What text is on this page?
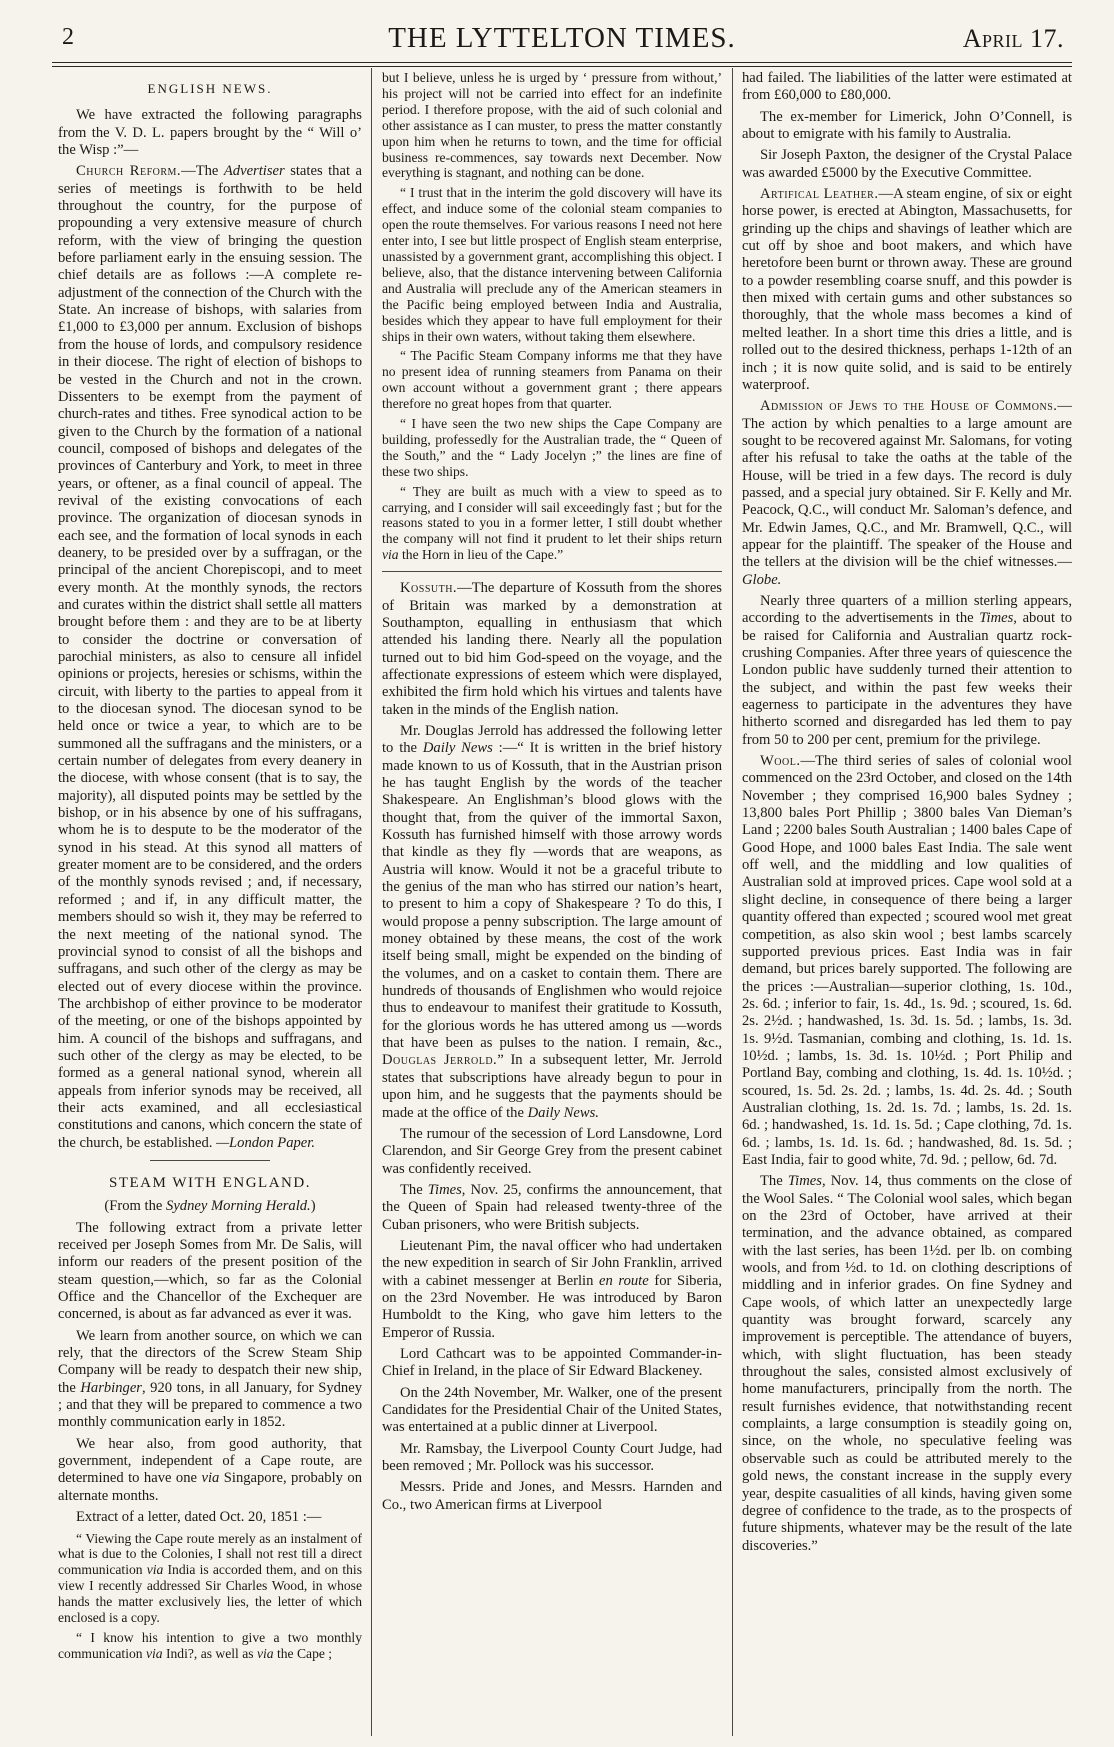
2	THE LYTTELTON TIMES.	April 17.
ENGLISH NEWS.

We have extracted the following paragraphs from the V. D. L. papers brought by the “ Will o’ the Wisp :”—

Church Reform.—The Advertiser states that a series of meetings is forthwith to be held throughout the country, for the purpose of propounding a very extensive measure of church reform, with the view of bringing the question before parliament early in the ensuing session. The chief details are as follows :—A complete re-adjustment of the connection of the Church with the State. An increase of bishops, with salaries from £1,000 to £3,000 per annum. Exclusion of bishops from the house of lords, and compulsory residence in their diocese. The right of election of bishops to be vested in the Church and not in the crown. Dissenters to be exempt from the payment of church-rates and tithes. Free synodical action to be given to the Church by the formation of a national council, composed of bishops and delegates of the provinces of Canterbury and York, to meet in three years, or oftener, as a final council of appeal. The revival of the existing convocations of each province. The organization of diocesan synods in each see, and the formation of local synods in each deanery, to be presided over by a suffragan, or the principal of the ancient Chorepiscopi, and to meet every month. At the monthly synods, the rectors and curates within the district shall settle all matters brought before them : and they are to be at liberty to consider the doctrine or conversation of parochial ministers, as also to censure all infidel opinions or projects, heresies or schisms, within the circuit, with liberty to the parties to appeal from it to the diocesan synod. The diocesan synod to be held once or twice a year, to which are to be summoned all the suffragans and the ministers, or a certain number of delegates from every deanery in the diocese, with whose consent (that is to say, the majority), all disputed points may be settled by the bishop, or in his absence by one of his suffragans, whom he is to despute to be the moderator of the synod in his stead. At this synod all matters of greater moment are to be considered, and the orders of the monthly synods revised ; and, if necessary, reformed ; and if, in any difficult matter, the members should so wish it, they may be referred to the next meeting of the national synod. The provincial synod to consist of all the bishops and suffragans, and such other of the clergy as may be elected out of every diocese within the province. The archbishop of either province to be moderator of the meeting, or one of the bishops appointed by him. A council of the bishops and suffragans, and such other of the clergy as may be elected, to be formed as a general national synod, wherein all appeals from inferior synods may be received, all their acts examined, and all ecclesiastical constitutions and canons, which concern the state of the church, be established. —London Paper.

STEAM WITH ENGLAND.

(From the Sydney Morning Herald.)

The following extract from a private letter received per Joseph Somes from Mr. De Salis, will inform our readers of the present position of the steam question,—which, so far as the Colonial Office and the Chancellor of the Exchequer are concerned, is about as far advanced as ever it was.

We learn from another source, on which we can rely, that the directors of the Screw Steam Ship Company will be ready to despatch their new ship, the Harbinger, 920 tons, in all January, for Sydney ; and that they will be prepared to commence a two monthly communication early in 1852.

We hear also, from good authority, that government, independent of a Cape route, are determined to have one via Singapore, probably on alternate months.

Extract of a letter, dated Oct. 20, 1851 :—

“ Viewing the Cape route merely as an instalment of what is due to the Colonies, I shall not rest till a direct communication via India is accorded them, and on this view I recently addressed Sir Charles Wood, in whose hands the matter exclusively lies, the letter of which enclosed is a copy.

“ I know his intention to give a two monthly communication via Indi?, as well as via the Cape ;

but I believe, unless he is urged by ‘ pressure from without,’ his project will not be carried into effect for an indefinite period. I therefore propose, with the aid of such colonial and other assistance as I can muster, to press the matter constantly upon him when he returns to town, and the time for official business re-commences, say towards next December. Now everything is stagnant, and nothing can be done.

“ I trust that in the interim the gold discovery will have its effect, and induce some of the colonial steam companies to open the route themselves. For various reasons I need not here enter into, I see but little prospect of English steam enterprise, unassisted by a government grant, accomplishing this object. I believe, also, that the distance intervening between California and Australia will preclude any of the American steamers in the Pacific being employed between India and Australia, besides which they appear to have full employment for their ships in their own waters, without taking them elsewhere.

“ The Pacific Steam Company informs me that they have no present idea of running steamers from Panama on their own account without a government grant ; there appears therefore no great hopes from that quarter.

“ I have seen the two new ships the Cape Company are building, professedly for the Australian trade, the “ Queen of the South,” and the “ Lady Jocelyn ;” the lines are fine of these two ships.

“ They are built as much with a view to speed as to carrying, and I consider will sail exceedingly fast ; but for the reasons stated to you in a former letter, I still doubt whether the company will not find it prudent to let their ships return via the Horn in lieu of the Cape.”

Kossuth.—The departure of Kossuth from the shores of Britain was marked by a demonstration at Southampton, equalling in enthusiasm that which attended his landing there. Nearly all the population turned out to bid him God-speed on the voyage, and the affectionate expressions of esteem which were displayed, exhibited the firm hold which his virtues and talents have taken in the minds of the English nation.

Mr. Douglas Jerrold has addressed the following letter to the Daily News :—“ It is written in the brief history made known to us of Kossuth, that in the Austrian prison he has taught English by the words of the teacher Shakespeare. An Englishman’s blood glows with the thought that, from the quiver of the immortal Saxon, Kossuth has furnished himself with those arrowy words that kindle as they fly —words that are weapons, as Austria will know. Would it not be a graceful tribute to the genius of the man who has stirred our nation’s heart, to present to him a copy of Shakespeare ? To do this, I would propose a penny subscription. The large amount of money obtained by these means, the cost of the work itself being small, might be expended on the binding of the volumes, and on a casket to contain them. There are hundreds of thousands of Englishmen who would rejoice thus to endeavour to manifest their gratitude to Kossuth, for the glorious words he has uttered among us —words that have been as pulses to the nation. I remain, &c., Douglas Jerrold.” In a subsequent letter, Mr. Jerrold states that subscriptions have already begun to pour in upon him, and he suggests that the payments should be made at the office of the Daily News.

The rumour of the secession of Lord Lansdowne, Lord Clarendon, and Sir George Grey from the present cabinet was confidently received.

The Times, Nov. 25, confirms the announcement, that the Queen of Spain had released twenty-three of the Cuban prisoners, who were British subjects.

Lieutenant Pim, the naval officer who had undertaken the new expedition in search of Sir John Franklin, arrived with a cabinet messenger at Berlin en route for Siberia, on the 23rd November. He was introduced by Baron Humboldt to the King, who gave him letters to the Emperor of Russia.

Lord Cathcart was to be appointed Commander-in-Chief in Ireland, in the place of Sir Edward Blackeney.

On the 24th November, Mr. Walker, one of the present Candidates for the Presidential Chair of the United States, was entertained at a public dinner at Liverpool.

Mr. Ramsbay, the Liverpool County Court Judge, had been removed ; Mr. Pollock was his successor.

Messrs. Pride and Jones, and Messrs. Harnden and Co., two American firms at Liverpool

had failed. The liabilities of the latter were estimated at from £60,000 to £80,000.

The ex-member for Limerick, John O’Connell, is about to emigrate with his family to Australia.

Sir Joseph Paxton, the designer of the Crystal Palace was awarded £5000 by the Executive Committee.

Artifical Leather.—A steam engine, of six or eight horse power, is erected at Abington, Massachusetts, for grinding up the chips and shavings of leather which are cut off by shoe and boot makers, and which have heretofore been burnt or thrown away. These are ground to a powder resembling coarse snuff, and this powder is then mixed with certain gums and other substances so thoroughly, that the whole mass becomes a kind of melted leather. In a short time this dries a little, and is rolled out to the desired thickness, perhaps 1-12th of an inch ; it is now quite solid, and is said to be entirely waterproof.

Admission of Jews to the House of Commons.—The action by which penalties to a large amount are sought to be recovered against Mr. Salomans, for voting after his refusal to take the oaths at the table of the House, will be tried in a few days. The record is duly passed, and a special jury obtained. Sir F. Kelly and Mr. Peacock, Q.C., will conduct Mr. Saloman’s defence, and Mr. Edwin James, Q.C., and Mr. Bramwell, Q.C., will appear for the plaintiff. The speaker of the House and the tellers at the division will be the chief witnesses.—Globe.

Nearly three quarters of a million sterling appears, according to the advertisements in the Times, about to be raised for California and Australian quartz rock-crushing Companies. After three years of quiescence the London public have suddenly turned their attention to the subject, and within the past few weeks their eagerness to participate in the adventures they have hitherto scorned and disregarded has led them to pay from 50 to 200 per cent, premium for the privilege.

Wool.—The third series of sales of colonial wool commenced on the 23rd October, and closed on the 14th November ; they comprised 16,900 bales Sydney ; 13,800 bales Port Phillip ; 3800 bales Van Dieman’s Land ; 2200 bales South Australian ; 1400 bales Cape of Good Hope, and 1000 bales East India. The sale went off well, and the middling and low qualities of Australian sold at improved prices. Cape wool sold at a slight decline, in consequence of there being a larger quantity offered than expected ; scoured wool met great competition, as also skin wool ; best lambs scarcely supported previous prices. East India was in fair demand, but prices barely supported. The following are the prices :—Australian—superior clothing, 1s. 10d., 2s. 6d. ; inferior to fair, 1s. 4d., 1s. 9d. ; scoured, 1s. 6d. 2s. 2½d. ; handwashed, 1s. 3d. 1s. 5d. ; lambs, 1s. 3d. 1s. 9½d. Tasmanian, combing and clothing, 1s. 1d. 1s. 10½d. ; lambs, 1s. 3d. 1s. 10½d. ; Port Philip and Portland Bay, combing and clothing, 1s. 4d. 1s. 10½d. ; scoured, 1s. 5d. 2s. 2d. ; lambs, 1s. 4d. 2s. 4d. ; South Australian clothing, 1s. 2d. 1s. 7d. ; lambs, 1s. 2d. 1s. 6d. ; handwashed, 1s. 1d. 1s. 5d. ; Cape clothing, 7d. 1s. 6d. ; lambs, 1s. 1d. 1s. 6d. ; handwashed, 8d. 1s. 5d. ; East India, fair to good white, 7d. 9d. ; pellow, 6d. 7d.

The Times, Nov. 14, thus comments on the close of the Wool Sales. “ The Colonial wool sales, which began on the 23rd of October, have arrived at their termination, and the advance obtained, as compared with the last series, has been 1½d. per lb. on combing wools, and from ½d. to 1d. on clothing descriptions of middling and in inferior grades. On fine Sydney and Cape wools, of which latter an unexpectedly large quantity was brought forward, scarcely any improvement is perceptible. The attendance of buyers, which, with slight fluctuation, has been steady throughout the sales, consisted almost exclusively of home manufacturers, principally from the north. The result furnishes evidence, that notwithstanding recent complaints, a large consumption is steadily going on, since, on the whole, no speculative feeling was observable such as could be attributed merely to the gold news, the constant increase in the supply every year, despite casualities of all kinds, having given some degree of confidence to the trade, as to the prospects of future shipments, whatever may be the result of the late discoveries.”
